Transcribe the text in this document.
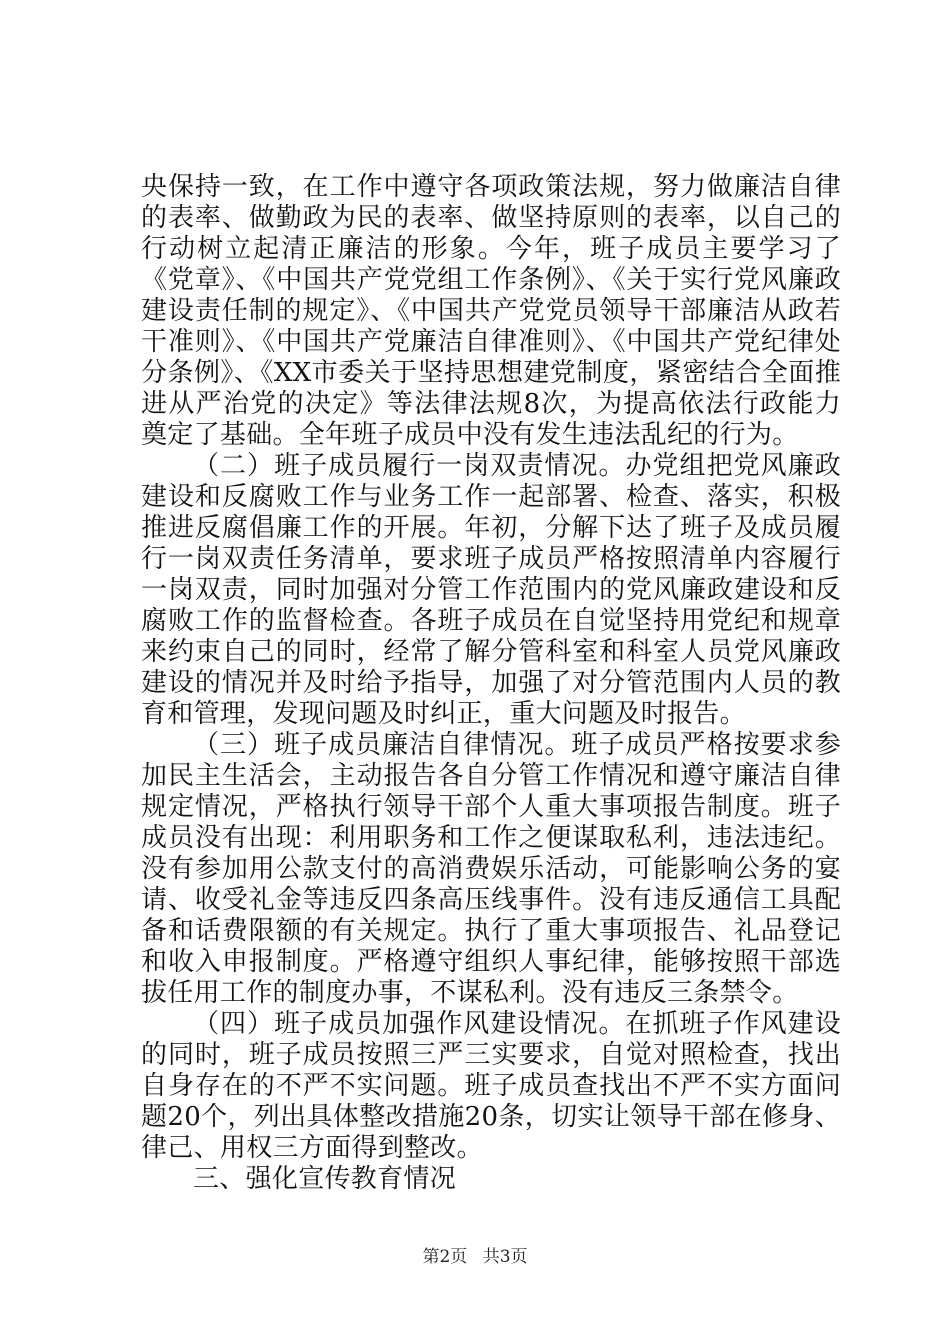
央保持一致，在工作中遵守各项政策法规，努力做廉洁自律的表率、做勤政为民的表率、做坚持原则的表率，以自己的行动树立起清正廉洁的形象。今年，班子成员主要学习了《党章》、《中国共产党党组工作条例》、《关于实行党风廉政建设责任制的规定》、《中国共产党党员领导干部廉洁从政若干准则》、《中国共产党廉洁自律准则》、《中国共产党纪律处分条例》、《XX市委关于坚持思想建党制度，紧密结合全面推进从严治党的决定》等法律法规8次，为提高依法行政能力奠定了基础。全年班子成员中没有发生违法乱纪的行为。

（二）班子成员履行一岗双责情况。办党组把党风廉政建设和反腐败工作与业务工作一起部署、检查、落实，积极推进反腐倡廉工作的开展。年初，分解下达了班子及成员履行一岗双责任务清单，要求班子成员严格按照清单内容履行一岗双责，同时加强对分管工作范围内的党风廉政建设和反腐败工作的监督检查。各班子成员在自觉坚持用党纪和规章来约束自己的同时，经常了解分管科室和科室人员党风廉政建设的情况并及时给予指导，加强了对分管范围内人员的教育和管理，发现问题及时纠正，重大问题及时报告。

（三）班子成员廉洁自律情况。班子成员严格按要求参加民主生活会，主动报告各自分管工作情况和遵守廉洁自律规定情况，严格执行领导干部个人重大事项报告制度。班子成员没有出现：利用职务和工作之便谋取私利，违法违纪。没有参加用公款支付的高消费娱乐活动，可能影响公务的宴请、收受礼金等违反四条高压线事件。没有违反通信工具配备和话费限额的有关规定。执行了重大事项报告、礼品登记和收入申报制度。严格遵守组织人事纪律，能够按照干部选拔任用工作的制度办事，不谋私利。没有违反三条禁令。

（四）班子成员加强作风建设情况。在抓班子作风建设的同时，班子成员按照三严三实要求，自觉对照检查，找出自身存在的不严不实问题。班子成员查找出不严不实方面问题20个，列出具体整改措施20条，切实让领导干部在修身、律己、用权三方面得到整改。

三、强化宣传教育情况

第2页 共3页
